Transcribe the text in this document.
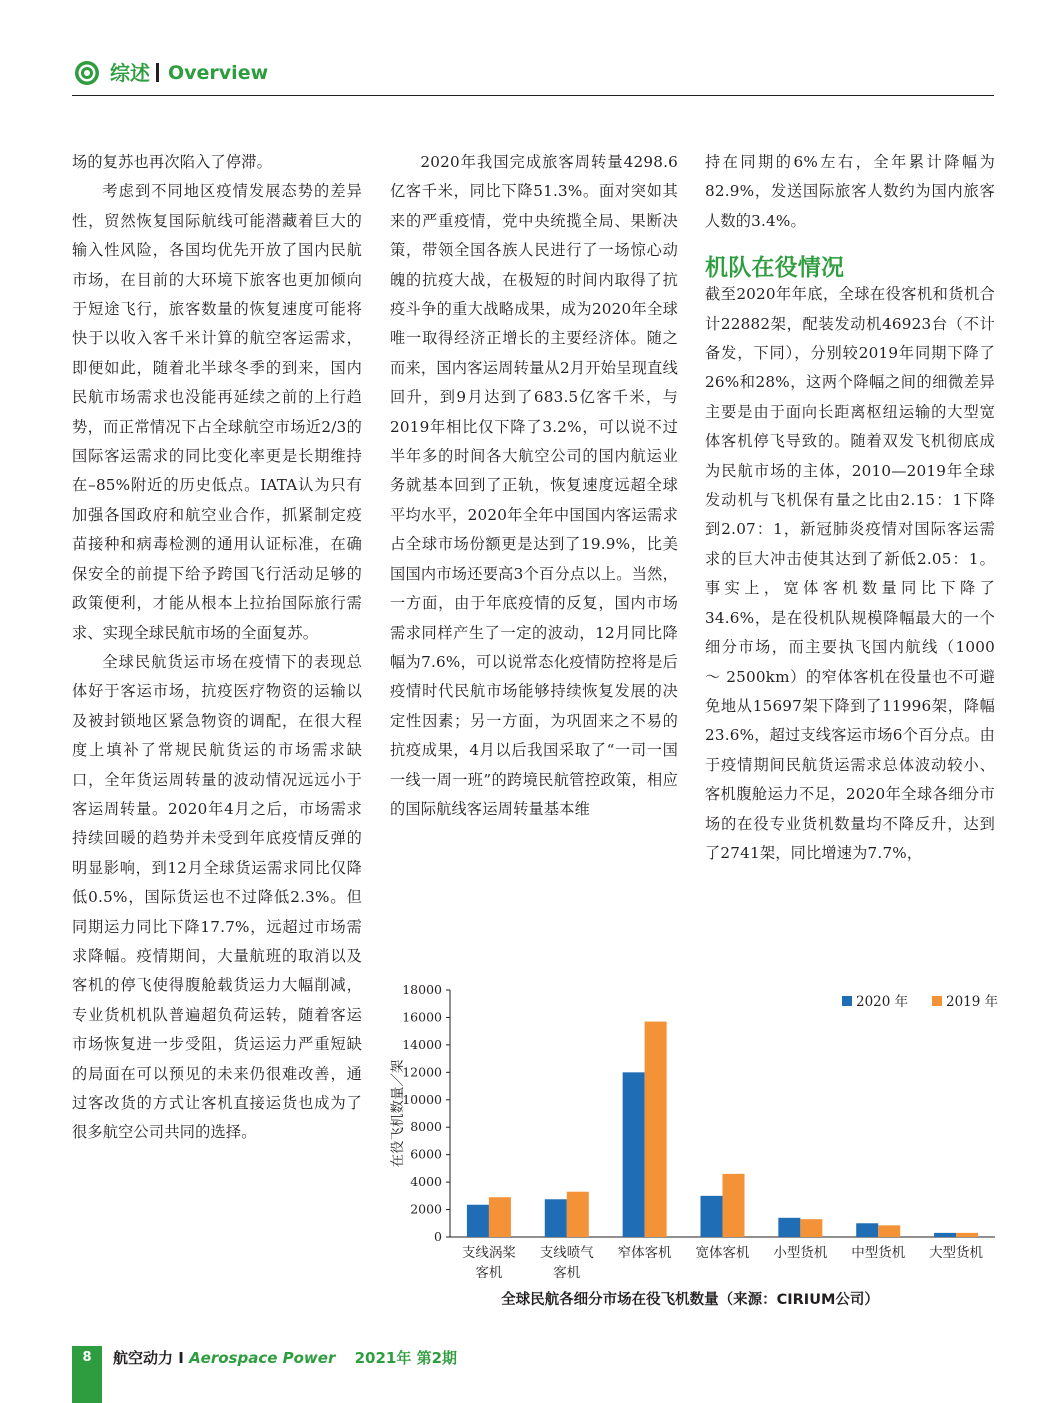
综述 Overview

场的复苏也再次陷入了停滞。

考虑到不同地区疫情发展态势的差异性，贸然恢复国际航线可能潜藏着巨大的输入性风险，各国均优先开放了国内民航市场，在目前的大环境下旅客也更加倾向于短途飞行，旅客数量的恢复速度可能将快于以收入客千米计算的航空客运需求，即便如此，随着北半球冬季的到来，国内民航市场需求也没能再延续之前的上行趋势，而正常情况下占全球航空市场近2/3的国际客运需求的同比变化率更是长期维持在–85%附近的历史低点。IATA认为只有加强各国政府和航空业合作，抓紧制定疫苗接种和病毒检测的通用认证标准，在确保安全的前提下给予跨国飞行活动足够的政策便利，才能从根本上拉抬国际旅行需求、实现全球民航市场的全面复苏。

全球民航货运市场在疫情下的表现总体好于客运市场，抗疫医疗物资的运输以及被封锁地区紧急物资的调配，在很大程度上填补了常规民航货运的市场需求缺口，全年货运周转量的波动情况远远小于客运周转量。2020年4月之后，市场需求持续回暖的趋势并未受到年底疫情反弹的明显影响，到12月全球货运需求同比仅降低0.5%，国际货运也不过降低2.3%。但同期运力同比下降17.7%，远超过市场需求降幅。疫情期间，大量航班的取消以及客机的停飞使得腹舱载货运力大幅削减，专业货机机队普遍超负荷运转，随着客运市场恢复进一步受阻，货运运力严重短缺的局面在可以预见的未来仍很难改善，通过客改货的方式让客机直接运货也成为了很多航空公司共同的选择。

2020年我国完成旅客周转量4298.6亿客千米，同比下降51.3%。面对突如其来的严重疫情，党中央统揽全局、果断决策，带领全国各族人民进行了一场惊心动魄的抗疫大战，在极短的时间内取得了抗疫斗争的重大战略成果，成为2020年全球唯一取得经济正增长的主要经济体。随之而来，国内客运周转量从2月开始呈现直线回升，到9月达到了683.5亿客千米，与2019年相比仅下降了3.2%，可以说不过半年多的时间各大航空公司的国内航运业务就基本回到了正轨，恢复速度远超全球平均水平，2020年全年中国国内客运需求占全球市场份额更是达到了19.9%，比美国国内市场还要高3个百分点以上。当然，一方面，由于年底疫情的反复，国内市场需求同样产生了一定的波动，12月同比降幅为7.6%，可以说常态化疫情防控将是后疫情时代民航市场能够持续恢复发展的决定性因素；另一方面，为巩固来之不易的抗疫成果，4月以后我国采取了“一司一国一线一周一班”的跨境民航管控政策，相应的国际航线客运周转量基本维

持在同期的6%左右，全年累计降幅为82.9%，发送国际旅客人数约为国内旅客人数的3.4%。

机队在役情况

截至2020年年底，全球在役客机和货机合计22882架，配装发动机46923台（不计备发，下同），分别较2019年同期下降了26%和28%，这两个降幅之间的细微差异主要是由于面向长距离枢纽运输的大型宽体客机停飞导致的。随着双发飞机彻底成为民航市场的主体，2010—2019年全球发动机与飞机保有量之比由2.15：1下降到2.07：1，新冠肺炎疫情对国际客运需求的巨大冲击使其达到了新低2.05：1。事实上，宽体客机数量同比下降了34.6%，是在役机队规模降幅最大的一个细分市场，而主要执飞国内航线（1000 ～ 2500km）的窄体客机在役量也不可避免地从15697架下降到了11996架，降幅23.6%，超过支线客运市场6个百分点。由于疫情期间民航货运需求总体波动较小、客机腹舱运力不足，2020年全球各细分市场的在役专业货机数量均不降反升，达到了2741架，同比增速为7.7%，

0
2000
4000
6000
8000
10000
12000
14000
16000
18000
在役飞机数量／架
支线涡桨
客机
支线喷气
客机
窄体客机 宽体客机 小型货机 中型货机 大型货机
2020 年	2019 年
全球民航各细分市场在役飞机数量（来源：CIRIUM公司）
8	航空动力 I Aerospace Power 2021年 第2期
